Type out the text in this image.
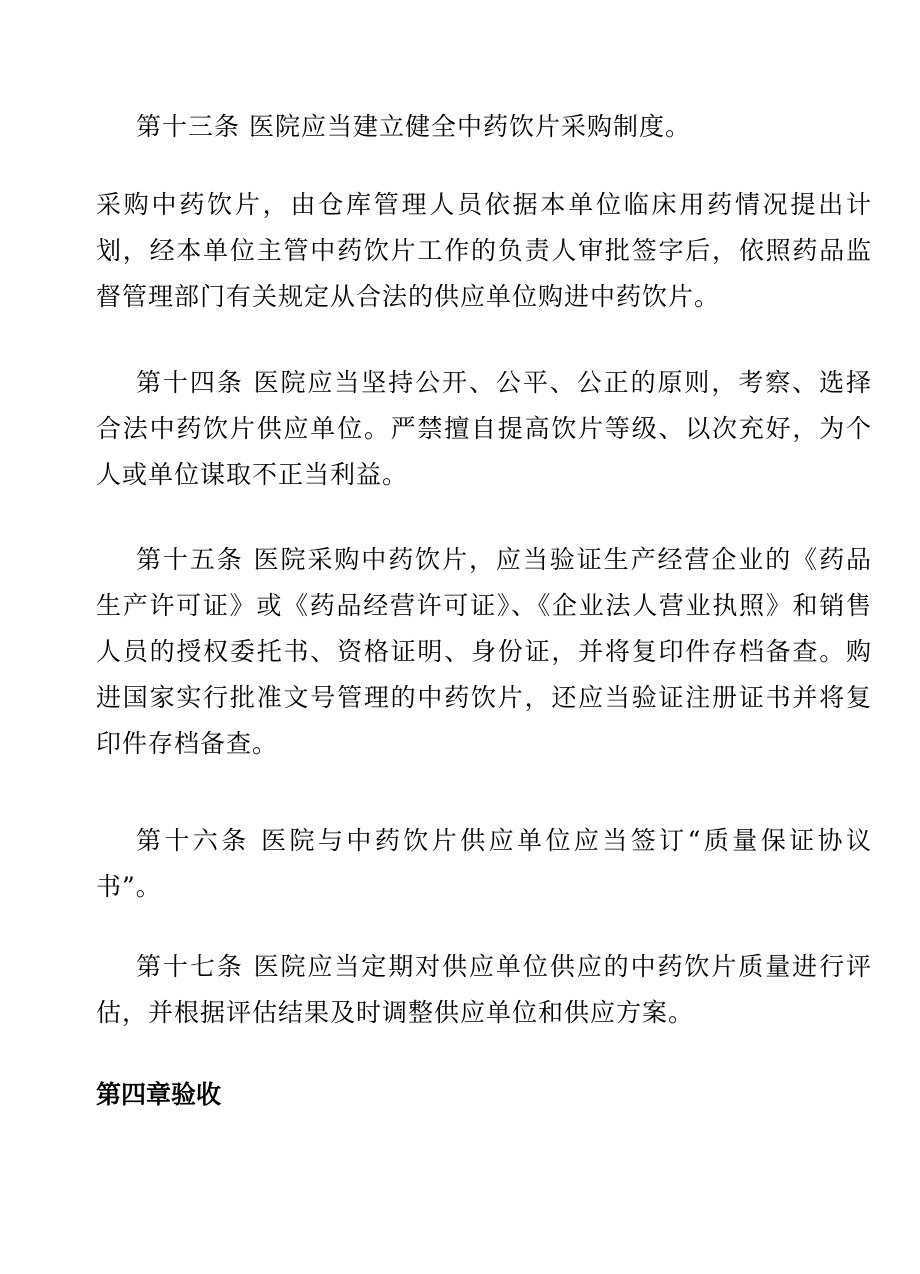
第十三条 医院应当建立健全中药饮片采购制度。

采购中药饮片，由仓库管理人员依据本单位临床用药情况提出计划，经本单位主管中药饮片工作的负责人审批签字后，依照药品监督管理部门有关规定从合法的供应单位购进中药饮片。

第十四条 医院应当坚持公开、公平、公正的原则，考察、选择合法中药饮片供应单位。严禁擅自提高饮片等级、以次充好，为个人或单位谋取不正当利益。

第十五条 医院采购中药饮片，应当验证生产经营企业的《药品生产许可证》或《药品经营许可证》、《企业法人营业执照》和销售人员的授权委托书、资格证明、身份证，并将复印件存档备查。购进国家实行批准文号管理的中药饮片，还应当验证注册证书并将复印件存档备查。

第十六条 医院与中药饮片供应单位应当签订“质量保证协议书”。

第十七条 医院应当定期对供应单位供应的中药饮片质量进行评估，并根据评估结果及时调整供应单位和供应方案。

第四章验收
